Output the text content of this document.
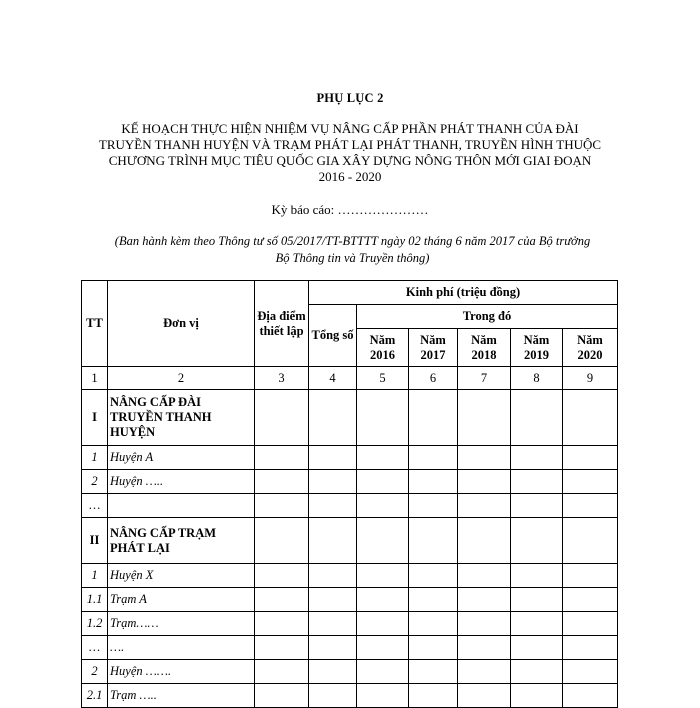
PHỤ LỤC 2
KẾ HOẠCH THỰC HIỆN NHIỆM VỤ NÂNG CẤP PHẦN PHÁT THANH CỦA ĐÀI
TRUYỀN THANH HUYỆN VÀ TRẠM PHÁT LẠI PHÁT THANH, TRUYỀN HÌNH THUỘC
CHƯƠNG TRÌNH MỤC TIÊU QUỐC GIA XÂY DỰNG NÔNG THÔN MỚI GIAI ĐOẠN
2016 - 2020
Kỳ báo cáo: …………………
(Ban hành kèm theo Thông tư số 05/2017/TT-BTTTT ngày 02 tháng 6 năm 2017 của Bộ trưởng
Bộ Thông tin và Truyền thông)
TT	Đơn vị	Địa điểm thiết lập	Kinh phí (triệu đồng)					
			Tổng số	Trong đó				
				Năm 2016	Năm 2017	Năm 2018	Năm 2019	Năm 2020
1	2	3	4	5	6	7	8	9
I	NÂNG CẤP ĐÀI TRUYỀN THANH HUYỆN							
1	Huyện A							
2	Huyện …..							
…								
II	NÂNG CẤP TRẠM PHÁT LẠI							
1	Huyện X							
1.1	Trạm A							
1.2	Trạm……							
…	….							
2	Huyện …….							
2.1	Trạm …..							
